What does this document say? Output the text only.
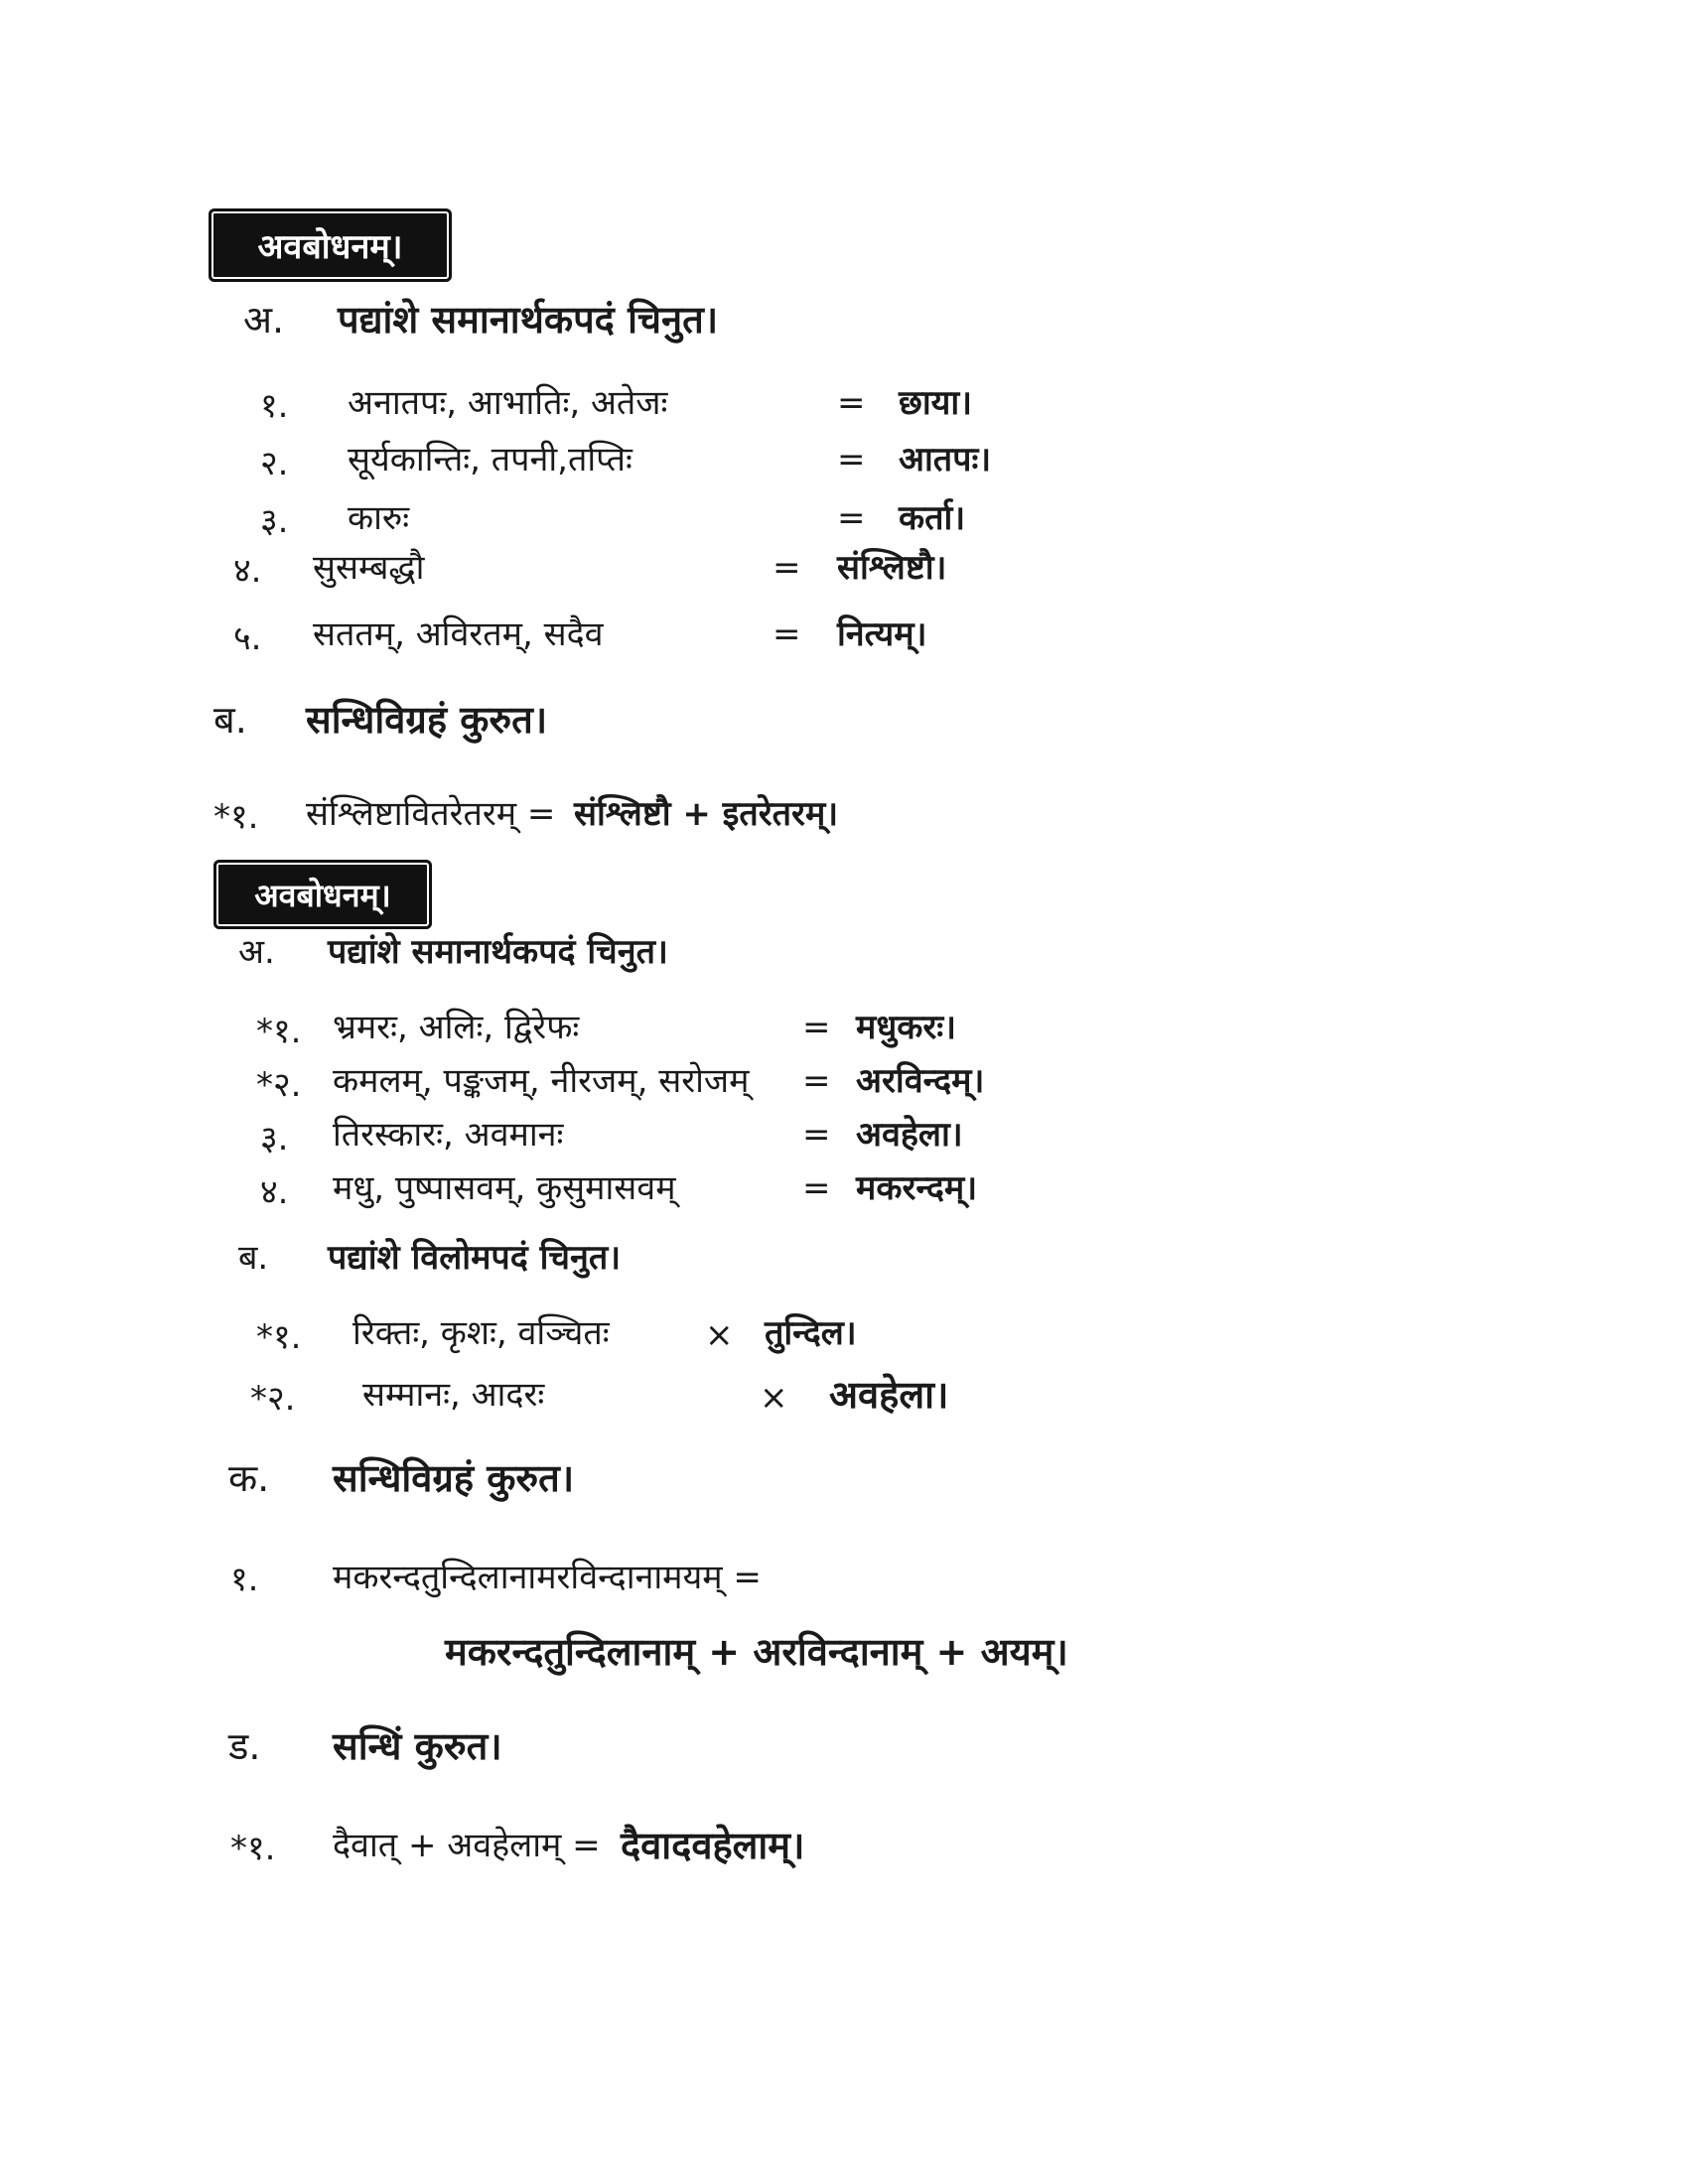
अवबोधनम्।
अ. पद्यांशे समानार्थकपदं चिनुत।
१. अनातपः, आभातिः, अतेजः	= छाया।
२. सूर्यकान्तिः, तपनी,तप्तिः	= आतपः।
३. कारुः	= कर्ता।
४. सुसम्बद्धौ	= संश्लिष्टौ।
५. सततम्, अविरतम्, सदैव	= नित्यम्।
ब. सन्धिविग्रहं कुरुत।
*१. संश्लिष्टावितरेतरम् = संश्लिष्टौ + इतरेतरम्।
अवबोधनम्।
अ. पद्यांशे समानार्थकपदं चिनुत।
*१. भ्रमरः, अलिः, द्विरेफः	= मधुकरः।
*२. कमलम्, पङ्कजम्, नीरजम्, सरोजम् = अरविन्दम्।
३. तिरस्कारः, अवमानः	= अवहेला।
४. मधु, पुष्पासवम्, कुसुमासवम्	= मकरन्दम्।
ब. पद्यांशे विलोमपदं चिनुत।
*१. रिक्तः, कृशः, वञ्चितः	× तुन्दिल।
*२. सम्मानः, आदरः	× अवहेला।
क. सन्धिविग्रहं कुरुत।
१. मकरन्दतुन्दिलानामरविन्दानामयम् =
मकरन्दतुन्दिलानाम् + अरविन्दानाम् + अयम्।
ड. सन्धिं कुरुत।
*१. दैवात् + अवहेलाम् = दैवादवहेलाम्।
